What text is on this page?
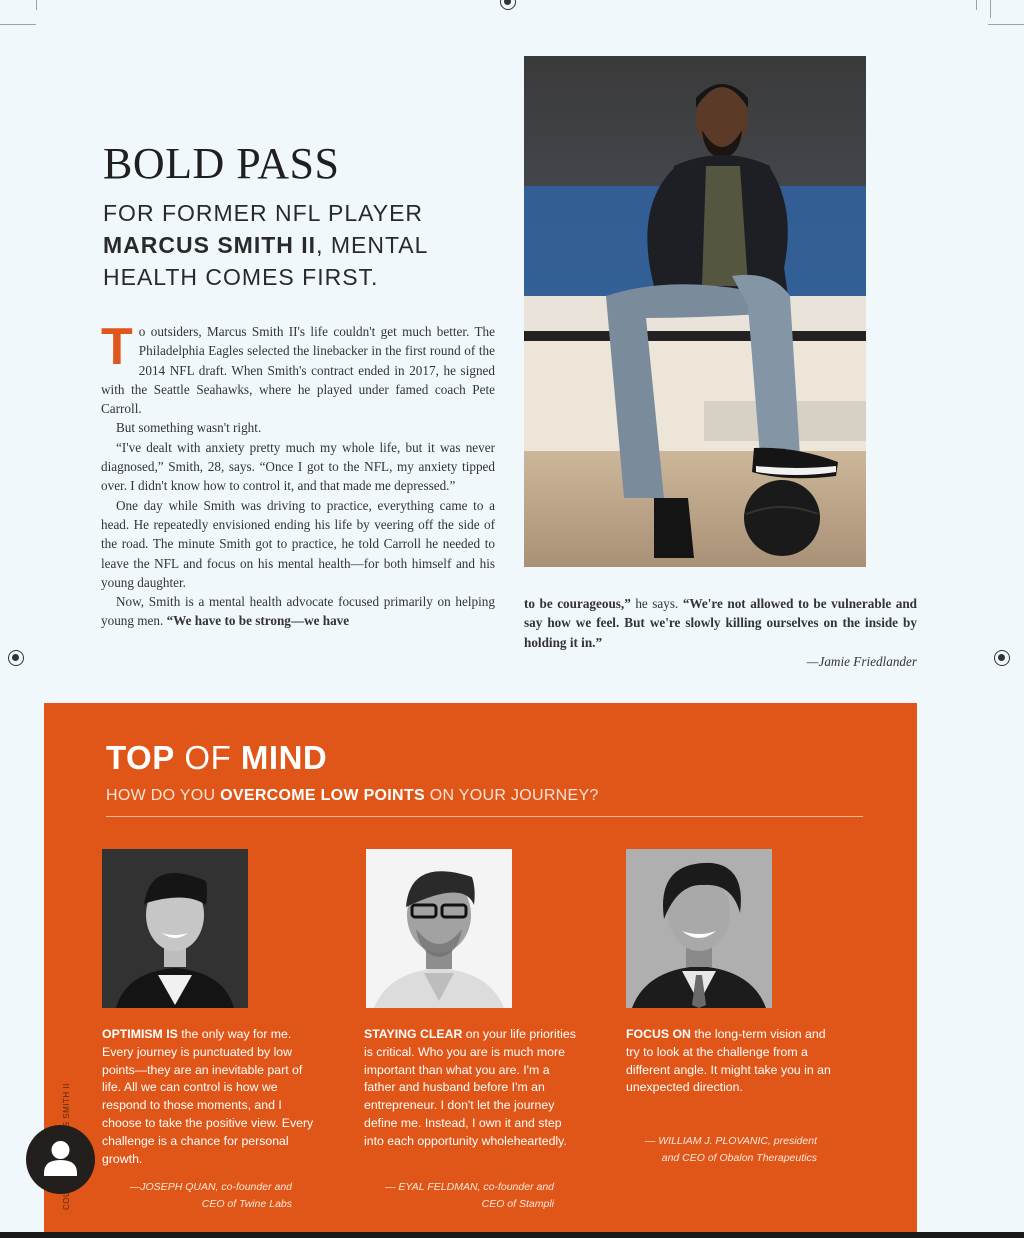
BOLD PASS
FOR FORMER NFL PLAYER MARCUS SMITH II, MENTAL HEALTH COMES FIRST.

To outsiders, Marcus Smith II's life couldn't get much better. The Philadelphia Eagles selected the linebacker in the first round of the 2014 NFL draft. When Smith's contract ended in 2017, he signed with the Seattle Seahawks, where he played under famed coach Pete Carroll.

But something wasn't right.

“I've dealt with anxiety pretty much my whole life, but it was never diagnosed,” Smith, 28, says. “Once I got to the NFL, my anxiety tipped over. I didn't know how to control it, and that made me depressed.”

One day while Smith was driving to practice, everything came to a head. He repeatedly envisioned ending his life by veering off the side of the road. The minute Smith got to practice, he told Carroll he needed to leave the NFL and focus on his mental health—for both himself and his young daughter.

Now, Smith is a mental health advocate focused primarily on helping young men. “We have to be strong—we have

to be courageous,” he says. “We're not allowed to be vulnerable and say how we feel. But we're slowly killing ourselves on the inside by holding it in.”

—Jamie Friedlander

TOP OF MIND
HOW DO YOU OVERCOME LOW POINTS ON YOUR JOURNEY?
OPTIMISM IS the only way for me. Every journey is punctuated by low points—they are an inevitable part of life. All we can control is how we respond to those moments, and I choose to take the positive view. Every challenge is a chance for personal growth.
—JOSEPH QUAN, co-founder and
CEO of Twine Labs
STAYING CLEAR on your life priorities is critical. Who you are is much more important than what you are. I'm a father and husband before I'm an entrepreneur. I don't let the journey define me. Instead, I own it and step into each opportunity wholeheartedly.
— EYAL FELDMAN, co-founder and
CEO of Stampli
FOCUS ON the long-term vision and try to look at the challenge from a different angle. It might take you in an unexpected direction.
— WILLIAM J. PLOVANIC, president
and CEO of Obalon Therapeutics
